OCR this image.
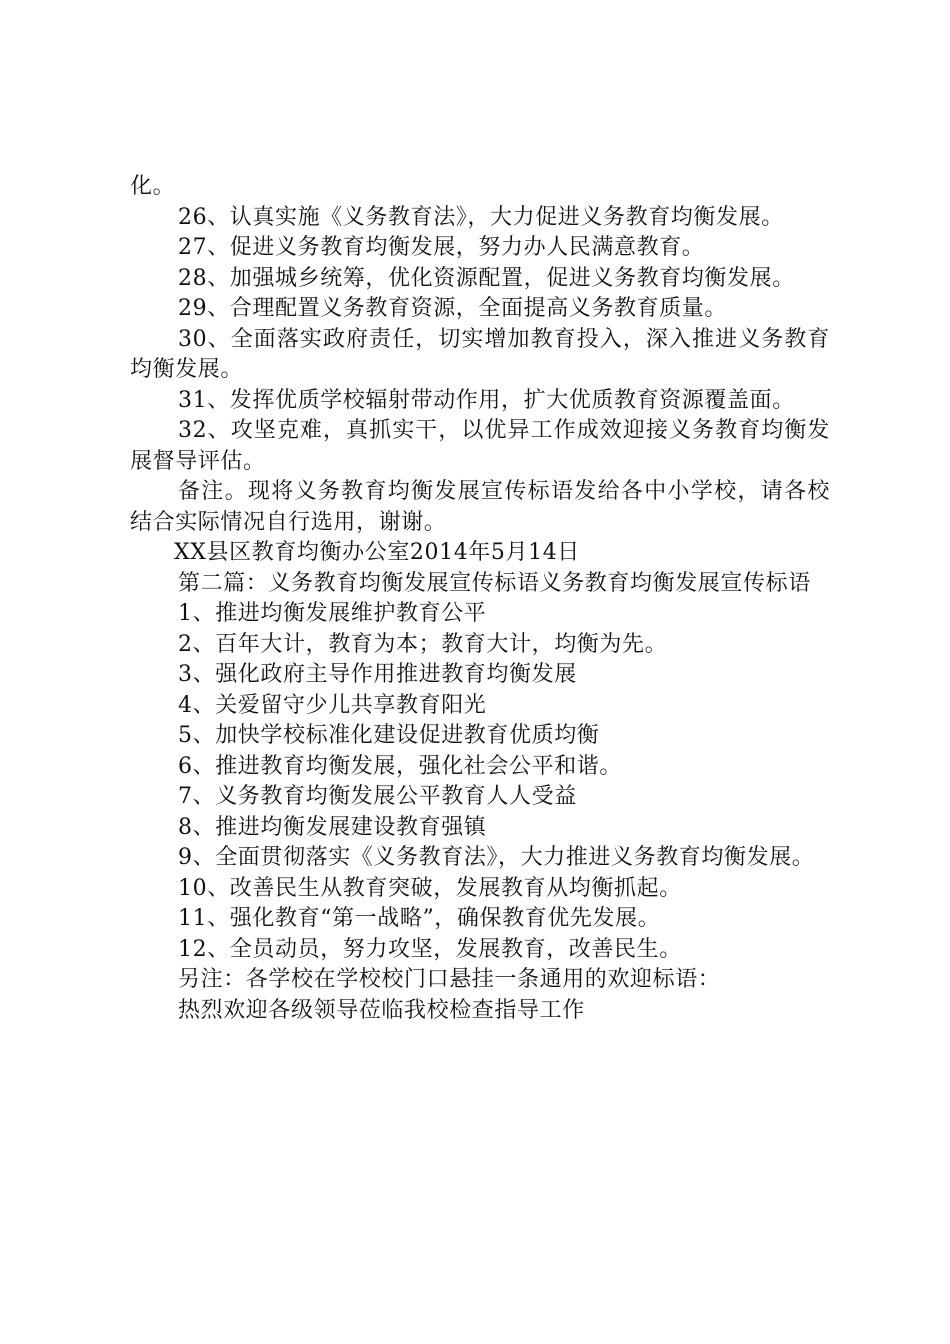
化。

26、认真实施《义务教育法》，大力促进义务教育均衡发展。

27、促进义务教育均衡发展，努力办人民满意教育。

28、加强城乡统筹，优化资源配置，促进义务教育均衡发展。

29、合理配置义务教育资源，全面提高义务教育质量。

30、全面落实政府责任，切实增加教育投入，深入推进义务教育均衡发展。

31、发挥优质学校辐射带动作用，扩大优质教育资源覆盖面。

32、攻坚克难，真抓实干，以优异工作成效迎接义务教育均衡发展督导评估。

备注。现将义务教育均衡发展宣传标语发给各中小学校，请各校结合实际情况自行选用，谢谢。

XX县区教育均衡办公室2014年5月14日

第二篇：义务教育均衡发展宣传标语义务教育均衡发展宣传标语

1、推进均衡发展维护教育公平

2、百年大计，教育为本；教育大计，均衡为先。

3、强化政府主导作用推进教育均衡发展

4、关爱留守少儿共享教育阳光

5、加快学校标准化建设促进教育优质均衡

6、推进教育均衡发展，强化社会公平和谐。

7、义务教育均衡发展公平教育人人受益

8、推进均衡发展建设教育强镇

9、全面贯彻落实《义务教育法》，大力推进义务教育均衡发展。

10、改善民生从教育突破，发展教育从均衡抓起。

11、强化教育“第一战略”，确保教育优先发展。

12、全员动员，努力攻坚，发展教育，改善民生。

另注：各学校在学校校门口悬挂一条通用的欢迎标语：

热烈欢迎各级领导莅临我校检查指导工作
